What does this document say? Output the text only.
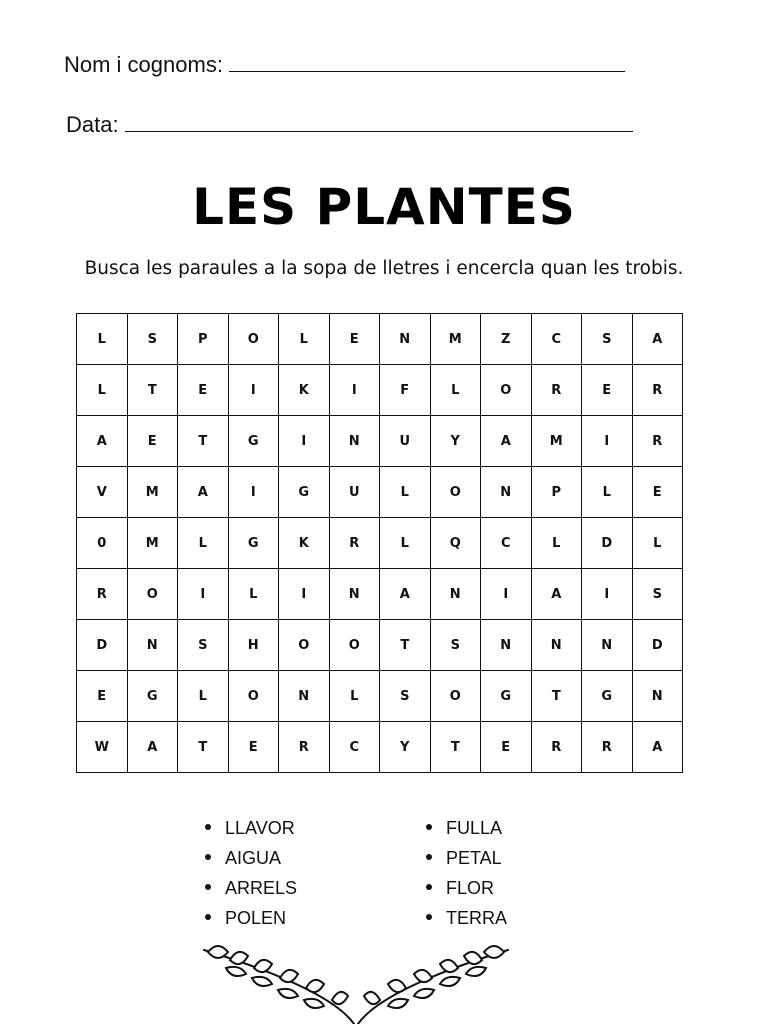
Nom i cognoms:
Data:
LES PLANTES
Busca les paraules a la sopa de lletres i encercla quan les trobis.
L	S	P	O	L	E	N	M	Z	C	S	A
L	T	E	I	K	I	F	L	O	R	E	R
A	E	T	G	I	N	U	Y	A	M	I	R
V	M	A	I	G	U	L	O	N	P	L	E
0	M	L	G	K	R	L	Q	C	L	D	L
R	O	I	L	I	N	A	N	I	A	I	S
D	N	S	H	O	O	T	S	N	N	N	D
E	G	L	O	N	L	S	O	G	T	G	N
W	A	T	E	R	C	Y	T	E	R	R	A
LLAVOR
AIGUA
ARRELS
POLEN
FULLA
PETAL
FLOR
TERRA
